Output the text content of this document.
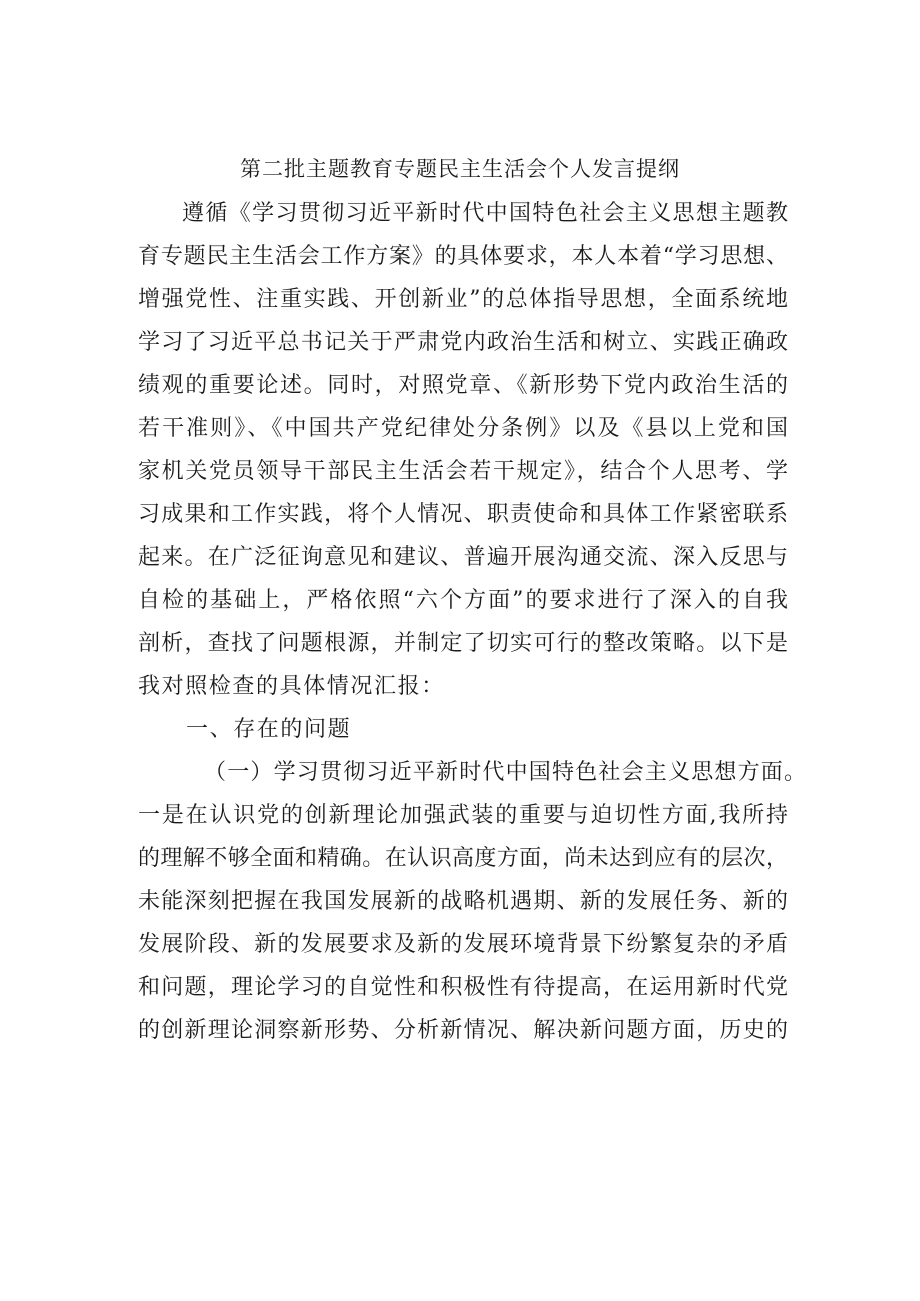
第二批主题教育专题民主生活会个人发言提纲
遵循《学习贯彻习近平新时代中国特色社会主义思想主题教
育专题民主生活会工作方案》的具体要求，本人本着“学习思想、
增强党性、注重实践、开创新业”的总体指导思想，全面系统地
学习了习近平总书记关于严肃党内政治生活和树立、实践正确政
绩观的重要论述。同时，对照党章、《新形势下党内政治生活的
若干准则》、《中国共产党纪律处分条例》以及《县以上党和国
家机关党员领导干部民主生活会若干规定》，结合个人思考、学
习成果和工作实践，将个人情况、职责使命和具体工作紧密联系
起来。在广泛征询意见和建议、普遍开展沟通交流、深入反思与
自检的基础上，严格依照“六个方面”的要求进行了深入的自我
剖析，查找了问题根源，并制定了切实可行的整改策略。以下是
我对照检查的具体情况汇报：
一、存在的问题
（一）学习贯彻习近平新时代中国特色社会主义思想方面。
一是在认识党的创新理论加强武装的重要与迫切性方面,我所持
的理解不够全面和精确。在认识高度方面，尚未达到应有的层次，
未能深刻把握在我国发展新的战略机遇期、新的发展任务、新的
发展阶段、新的发展要求及新的发展环境背景下纷繁复杂的矛盾
和问题，理论学习的自觉性和积极性有待提高，在运用新时代党
的创新理论洞察新形势、分析新情况、解决新问题方面，历史的
